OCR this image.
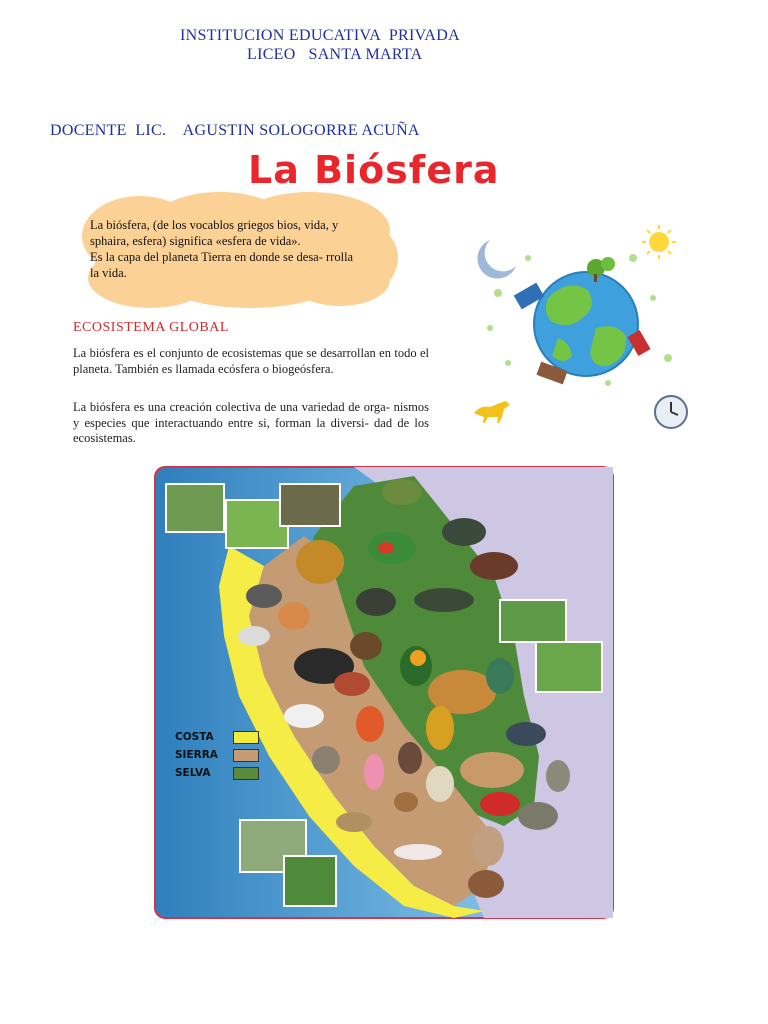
INSTITUCION EDUCATIVA  PRIVADA
LICEO   SANTA MARTA
DOCENTE  LIC.    AGUSTIN SOLOGORRE ACUÑA
La Biósfera
La biósfera, (de los vocablos griegos bios, vida, y
sphaira, esfera) significa «esfera de vida».
Es la capa del planeta Tierra en donde se desa- rrolla
la vida.
ECOSISTEMA GLOBAL
La biósfera es el conjunto de ecosistemas que se desarrollan en todo el planeta. También es llamada ecósfera o biogeósfera.
La biósfera es una creación colectiva de una variedad de orga- nismos y especies que interactuando entre si, forman la diversi- dad de los ecosistemas.
COSTA
SIERRA
SELVA
